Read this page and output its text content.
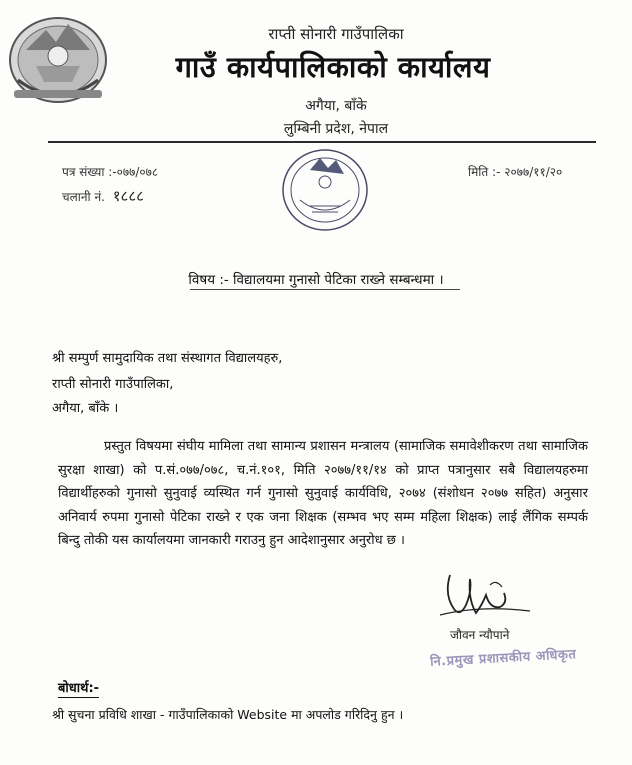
राप्ती सोनारी गाउँपालिका
गाउँ कार्यपालिकाको कार्यालय
अगैया, बाँके
लुम्बिनी प्रदेश, नेपाल
पत्र संख्या :-०७७/०७८
चलानी नं. १८८८
मिति :- २०७७/११/२०
विषय :- विद्यालयमा गुनासो पेटिका राख्ने सम्बन्धमा ।
श्री सम्पुर्ण सामुदायिक तथा संस्थागत विद्यालयहरु,
राप्ती सोनारी गाउँपालिका,
अगैया, बाँके ।
प्रस्तुत विषयमा संघीय मामिला तथा सामान्य प्रशासन मन्त्रालय (सामाजिक समावेशीकरण तथा सामाजिक सुरक्षा शाखा) को प.सं.०७७/०७८, च.नं.१०१, मिति २०७७/११/१४ को प्राप्त पत्रानुसार सबै विद्यालयहरुमा विद्यार्थीहरुको गुनासो सुनुवाई व्यस्थित गर्न गुनासो सुनुवाई कार्यविधि, २०७४ (संशोधन २०७७ सहित) अनुसार अनिवार्य रुपमा गुनासो पेटिका राख्ने र एक जना शिक्षक (सम्भव भए सम्म महिला शिक्षक) लाई लैंगिक सम्पर्क बिन्दु तोकी यस कार्यालयमा जानकारी गराउनु हुन आदेशानुसार अनुरोध छ ।
जौवन न्यौपाने
नि.प्रमुख प्रशासकीय अधिकृत
बोधार्थ:-
श्री सुचना प्रविधि शाखा - गाउँपालिकाको Website मा अपलोड गरिदिनु हुन ।
